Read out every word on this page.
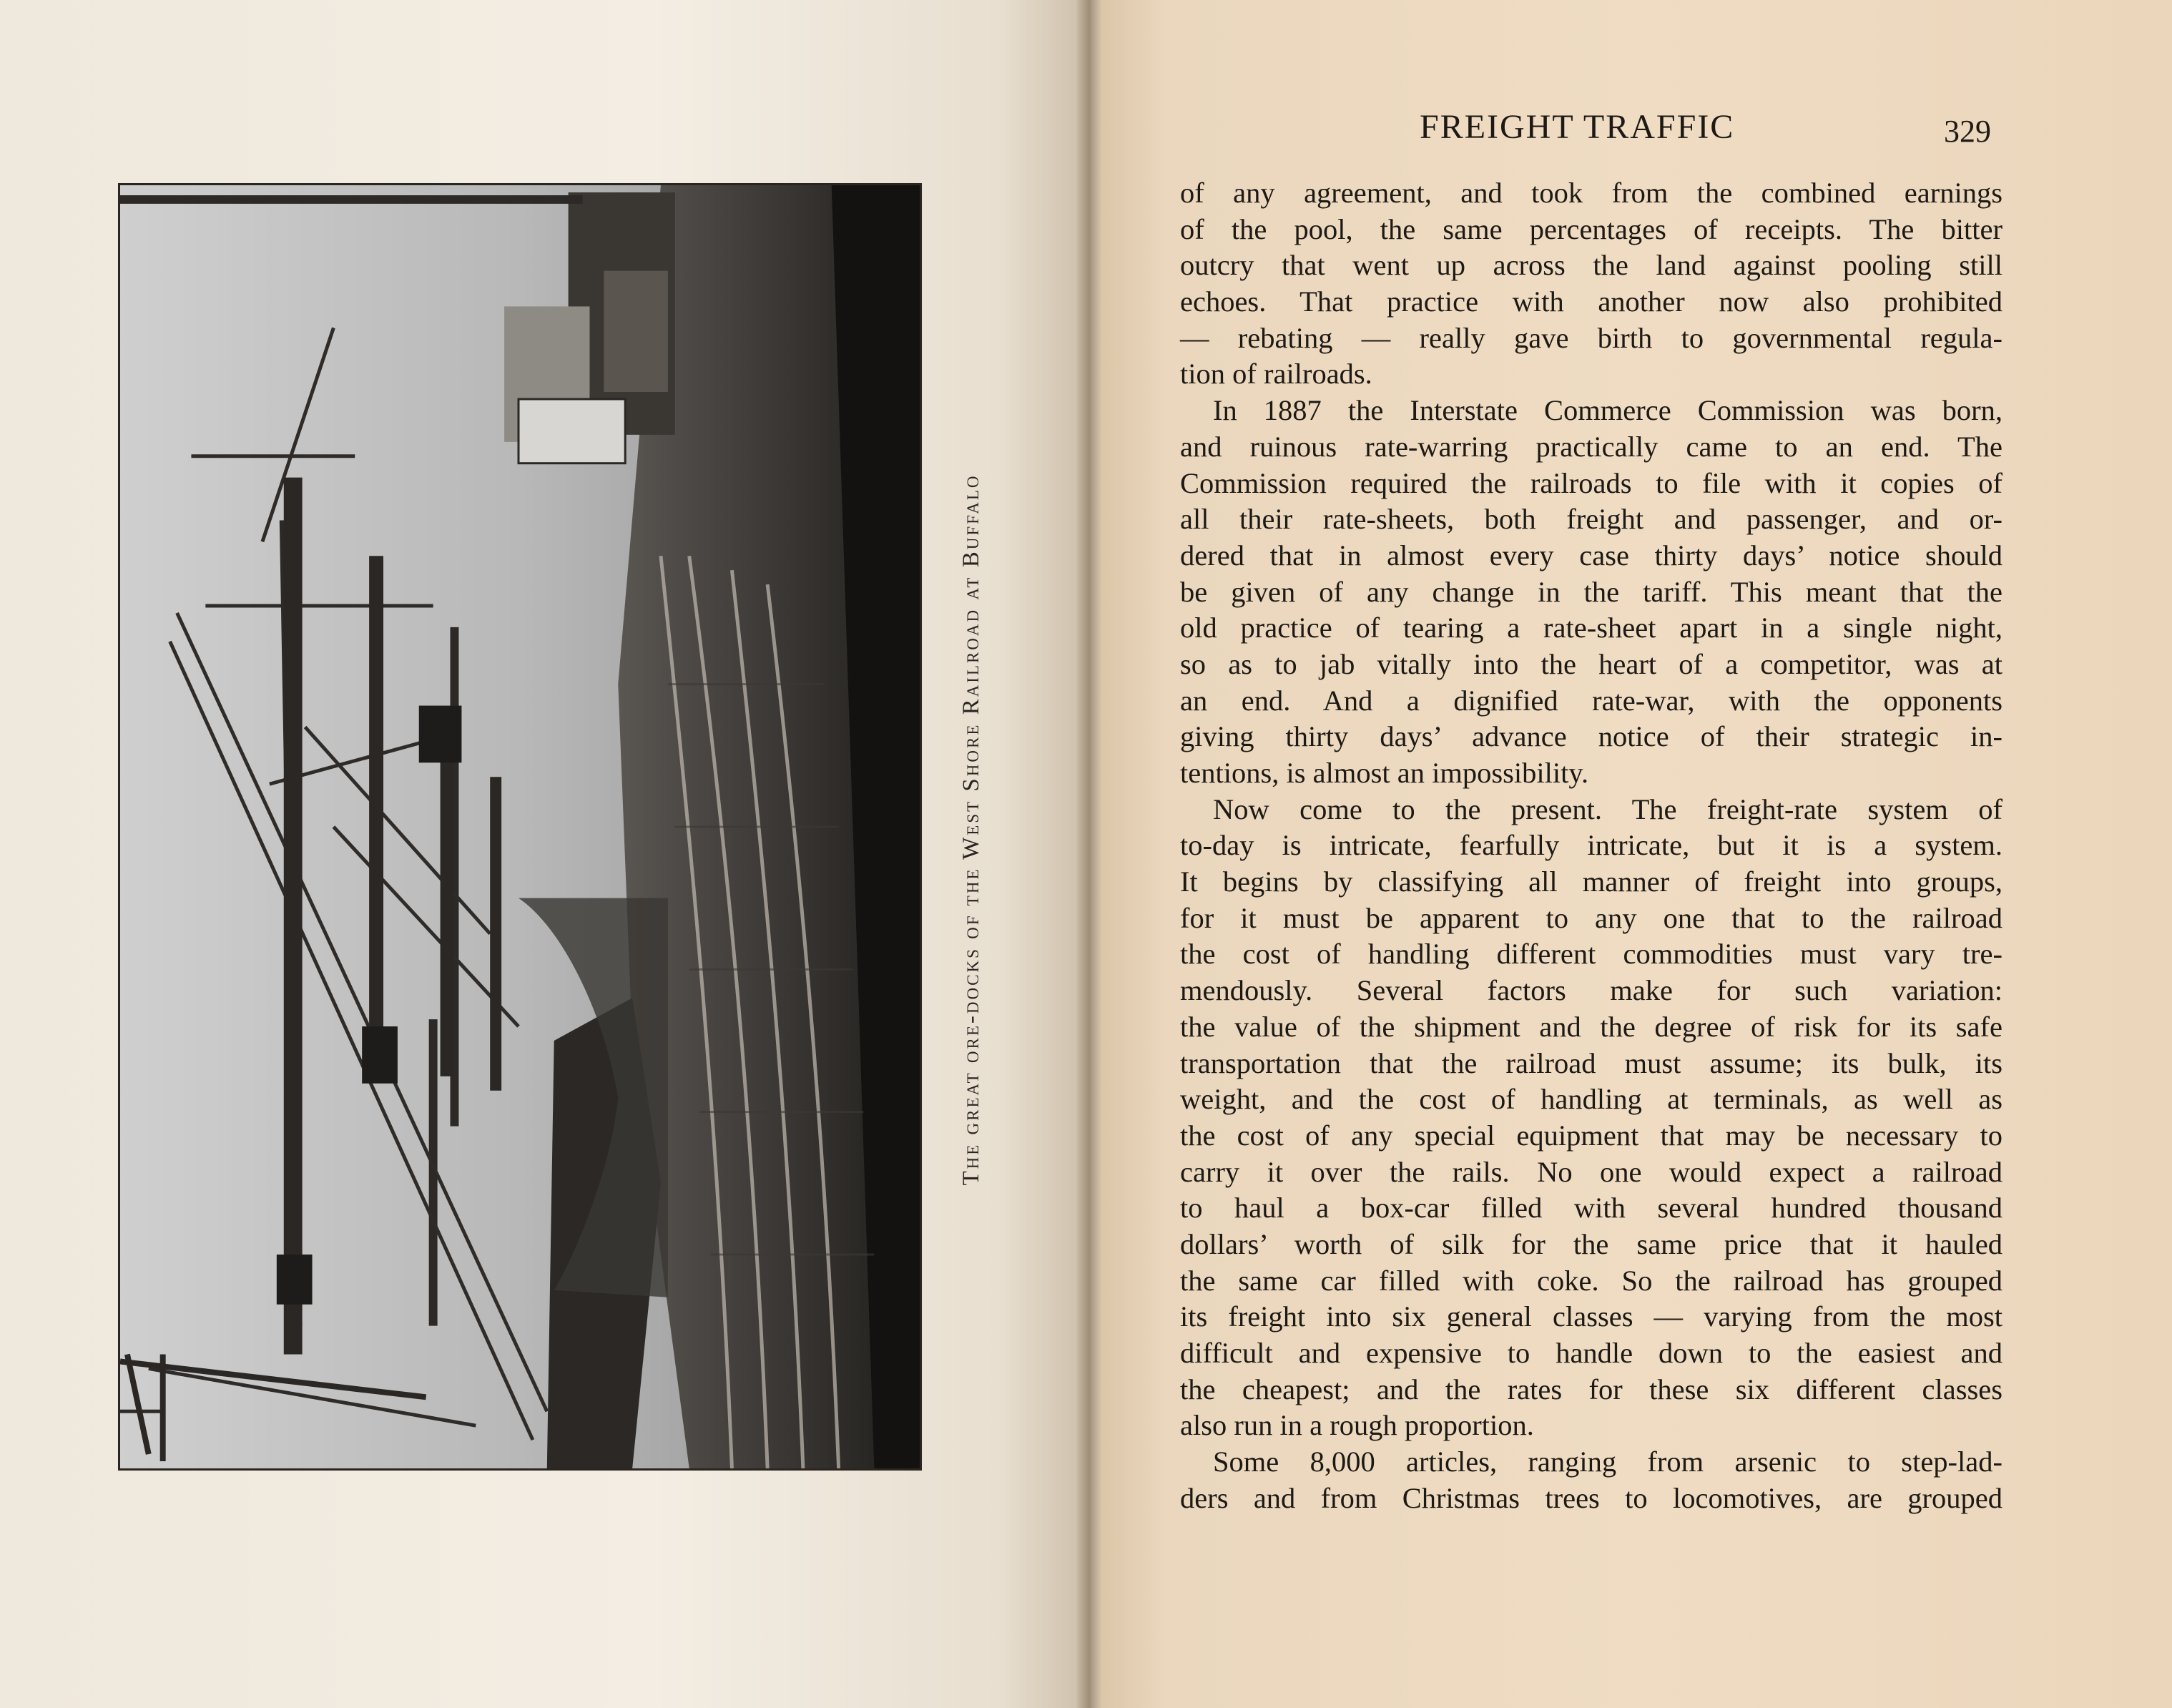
The great ore-docks of the West Shore Railroad at Buffalo
FREIGHT TRAFFIC	329
of any agreement, and took from the combined earnings
of the pool, the same percentages of receipts. The bitter
outcry that went up across the land against pooling still
echoes. That practice with another now also prohibited
— rebating — really gave birth to governmental regula-
tion of railroads.
In 1887 the Interstate Commerce Commission was born,
and ruinous rate-warring practically came to an end. The
Commission required the railroads to file with it copies of
all their rate-sheets, both freight and passenger, and or-
dered that in almost every case thirty days’ notice should
be given of any change in the tariff. This meant that the
old practice of tearing a rate-sheet apart in a single night,
so as to jab vitally into the heart of a competitor, was at
an end. And a dignified rate-war, with the opponents
giving thirty days’ advance notice of their strategic in-
tentions, is almost an impossibility.
Now come to the present. The freight-rate system of
to-day is intricate, fearfully intricate, but it is a system.
It begins by classifying all manner of freight into groups,
for it must be apparent to any one that to the railroad
the cost of handling different commodities must vary tre-
mendously. Several factors make for such variation:
the value of the shipment and the degree of risk for its safe
transportation that the railroad must assume; its bulk, its
weight, and the cost of handling at terminals, as well as
the cost of any special equipment that may be necessary to
carry it over the rails. No one would expect a railroad
to haul a box-car filled with several hundred thousand
dollars’ worth of silk for the same price that it hauled
the same car filled with coke. So the railroad has grouped
its freight into six general classes — varying from the most
difficult and expensive to handle down to the easiest and
the cheapest; and the rates for these six different classes
also run in a rough proportion.
Some 8,000 articles, ranging from arsenic to step-lad-
ders and from Christmas trees to locomotives, are grouped
